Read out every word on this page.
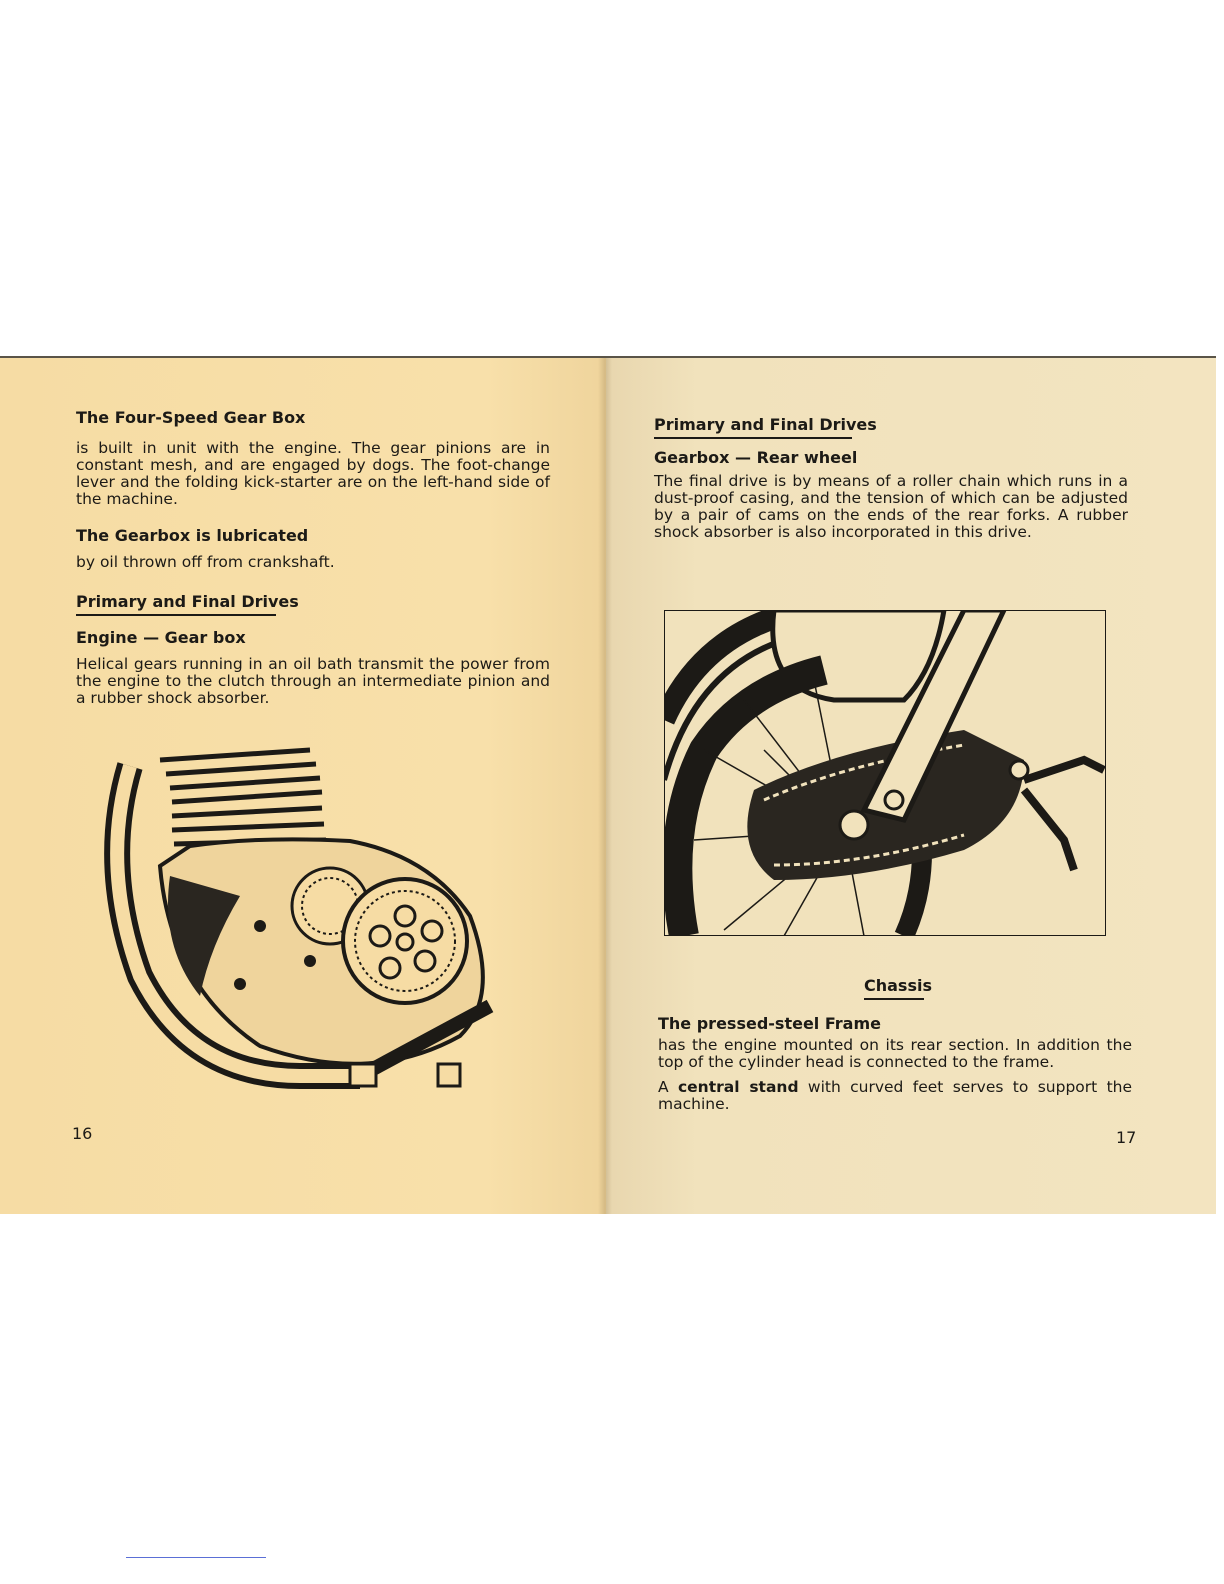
The Four-Speed Gear Box
is built in unit with the engine. The gear pinions are in constant mesh, and are engaged by dogs. The foot-change lever and the folding kick-starter are on the left-hand side of the machine.
The Gearbox is lubricated
by oil thrown off from crankshaft.
Primary and Final Drives
Engine — Gear box
Helical gears running in an oil bath transmit the power from the engine to the clutch through an intermediate pinion and a rubber shock absorber.
16
Primary and Final Drives
Gearbox — Rear wheel
The final drive is by means of a roller chain which runs in a dust-proof casing, and the tension of which can be adjusted by a pair of cams on the ends of the rear forks. A rubber shock absorber is also incorporated in this drive.
Chassis
The pressed-steel Frame
has the engine mounted on its rear section. In addition the top of the cylinder head is connected to the frame.
A central stand with curved feet serves to support the machine.
17
